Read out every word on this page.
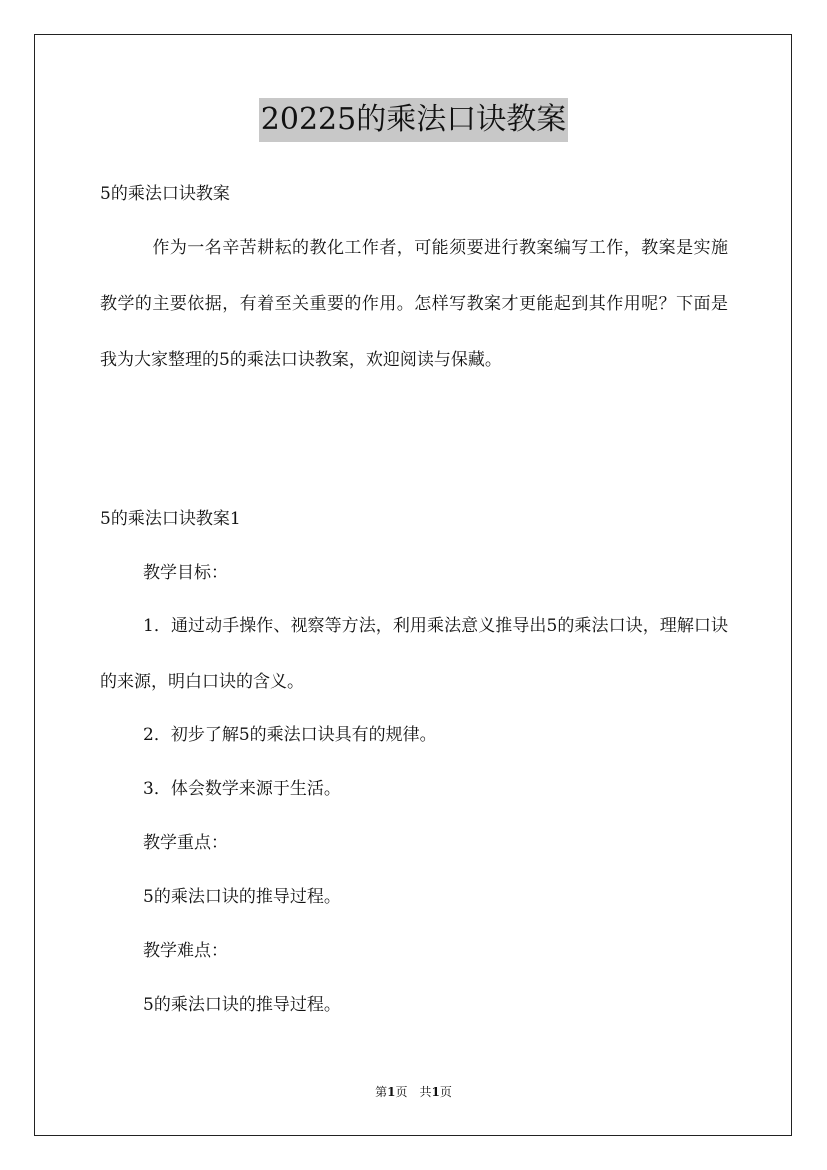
20225的乘法口诀教案
5的乘法口诀教案
　　　作为一名辛苦耕耘的教化工作者，可能须要进行教案编写工作，教案是实施教学的主要依据，有着至关重要的作用。怎样写教案才更能起到其作用呢？下面是我为大家整理的5的乘法口诀教案，欢迎阅读与保藏。
5的乘法口诀教案1
教学目标：
1．通过动手操作、视察等方法，利用乘法意义推导出5的乘法口诀，理解口诀的来源，明白口诀的含义。
2．初步了解5的乘法口诀具有的规律。
3．体会数学来源于生活。
教学重点：
5的乘法口诀的推导过程。
教学难点：
5的乘法口诀的推导过程。
第1页　共1页
